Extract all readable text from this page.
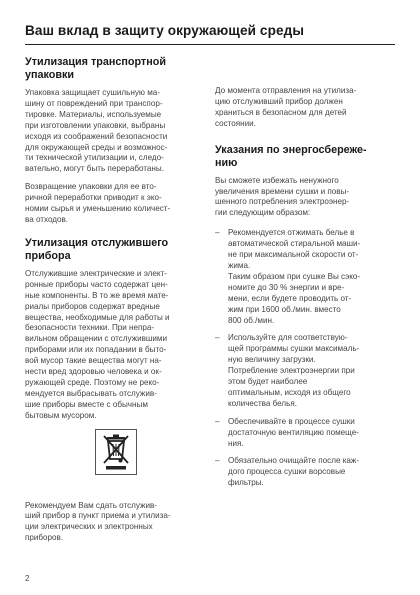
Ваш вклад в защиту окружающей среды
Утилизация транспортной
упаковки

Упаковка защищает сушильную ма-
шину от повреждений при транспор-
тировке. Материалы, используемые
при изготовлении упаковки, выбраны
исходя из соображений безопасности
для окружающей среды и возможнос-
ти технической утилизации и, следо-
вательно, могут быть переработаны.

Возвращение упаковки для ее вто-
ричной переработки приводит к эко-
номии сырья и уменьшению количест-
ва отходов.

Утилизация отслужившего
прибора

Отслужившие электрические и элект-
ронные приборы часто содержат цен-
ные компоненты. В то же время мате-
риалы приборов содержат вредные
вещества, необходимые для работы и
безопасности техники. При непра-
вильном обращении с отслужившими
приборами или их попадании в быто-
вой мусор такие вещества могут на-
нести вред здоровью человека и ок-
ружающей среде. Поэтому не реко-
мендуется выбрасывать отслужив-
шие приборы вместе с обычным
бытовым мусором.

Рекомендуем Вам сдать отслужив-
ший прибор в пункт приема и утилиза-
ции электрических и электронных
приборов.

До момента отправления на утилиза-
цию отслуживший прибор должен
храниться в безопасном для детей
состоянии.

Указания по энергосбереже-
нию

Вы сможете избежать ненужного
увеличения времени сушки и повы-
шенного потребления электроэнер-
гии следующим образом:

– Рекомендуется отжимать белье в
автоматической стиральной маши-
не при максимальной скорости от-
жима.

Таким образом при сушке Вы сэко-
номите до 30 % энергии и вре-
мени, если будете проводить от-
жим при 1600 об./мин. вместо
800 об./мин.

– Используйте для соответствую-
щей программы сушки максималь-
ную величину загрузки.

Потребление электроэнергии при
этом будет наиболее
оптимальным, исходя из общего
количества белья.

– Обеспечивайте в процессе сушки
достаточную вентиляцию помеще-
ния.

– Обязательно очищайте после каж-
дого процесса сушки ворсовые
фильтры.

2
